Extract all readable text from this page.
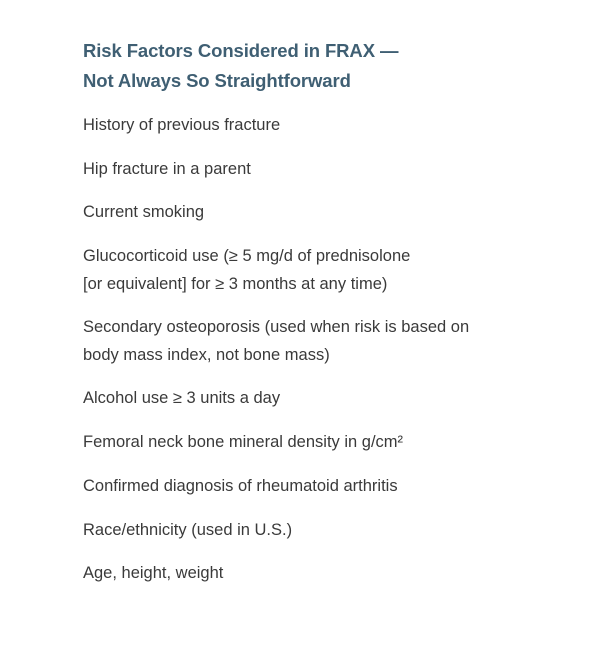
Risk Factors Considered in FRAX —
Not Always So Straightforward
History of previous fracture
Hip fracture in a parent
Current smoking
Glucocorticoid use (≥ 5 mg/d of prednisolone
[or equivalent] for ≥ 3 months at any time)
Secondary osteoporosis (used when risk is based on
body mass index, not bone mass)
Alcohol use ≥ 3 units a day
Femoral neck bone mineral density in g/cm²
Confirmed diagnosis of rheumatoid arthritis
Race/ethnicity (used in U.S.)
Age, height, weight
